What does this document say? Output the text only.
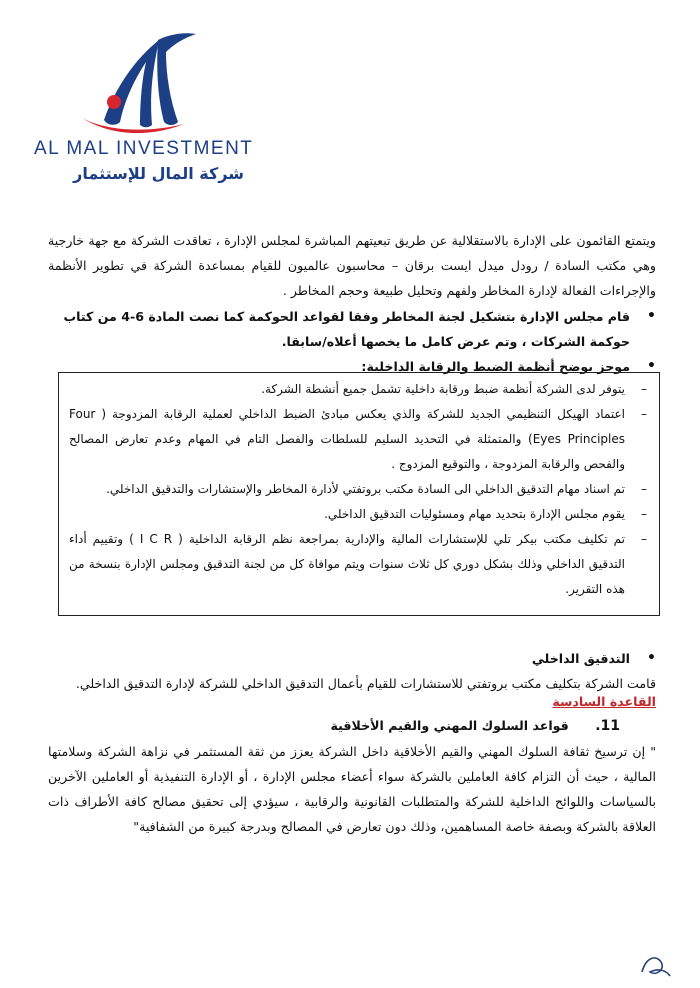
AL MAL INVESTMENT
شركة المال للإستثمار
ويتمتع القائمون على الإدارة بالاستقلالية عن طريق تبعيتهم المباشرة لمجلس الإدارة ، تعاقدت الشركة مع جهة خارجية وهي مكتب السادة / رودل ميدل ايست برقان – محاسبون عالميون للقيام بمساعدة الشركة في تطوير الأنظمة والإجراءات الفعالة لإدارة المخاطر ولفهم وتحليل طبيعة وحجم المخاطر .
•
قام مجلس الإدارة بتشكيل لجنة المخاطر وفقا لقواعد الحوكمة كما نصت المادة 6-4 من كتاب حوكمة الشركات ، وتم عرض كامل ما يخصها أعلاه/سابقا.
•
موجز يوضح أنظمة الضبط والرقابة الداخلية:
–
يتوفر لدى الشركة أنظمة ضبط ورقابة داخلية تشمل جميع أنشطة الشركة.
–
اعتماد الهيكل التنظيمي الجديد للشركة والذي يعكس مبادئ الضبط الداخلي لعملية الرقابة المزدوجة ( Four Eyes Principles) والمتمثلة في التحديد السليم للسلطات والفصل التام في المهام وعدم تعارض المصالح والفحص والرقابة المزدوجة ، والتوقيع المزدوج .
–
تم اسناد مهام التدقيق الداخلي الى السادة مكتب بروتفتي لأدارة المخاطر والإستشارات والتدقيق الداخلي.
–
يقوم مجلس الإدارة بتحديد مهام ومسئوليات التدقيق الداخلي.
–
تم تكليف مكتب بيكر تلي للإستشارات المالية والإدارية بمراجعة نظم الرقابة الداخلية ( I C R ) وتقييم أداء التدقيق الداخلي وذلك بشكل دوري كل ثلاث سنوات ويتم موافاة كل من لجنة التدقيق ومجلس الإدارة بنسخة من هذه التقرير.
•
التدقيق الداخلي
قامت الشركة بتكليف مكتب بروتفتي للاستشارات للقيام بأعمال التدقيق الداخلي للشركة لإدارة التدقيق الداخلي.
القاعدة السادسة
11. قواعد السلوك المهني والقيم الأخلاقية
" إن ترسيخ ثقافة السلوك المهني والقيم الأخلاقية داخل الشركة يعزز من ثقة المستثمر في نزاهة الشركة وسلامتها المالية ، حيث أن التزام كافة العاملين بالشركة سواء أعضاء مجلس الإدارة ، أو الإدارة التنفيذية أو العاملين الآخرين بالسياسات واللوائح الداخلية للشركة والمتطلبات القانونية والرقابية ، سيؤدي إلى تحقيق مصالح كافة الأطراف ذات العلاقة بالشركة وبصفة خاصة المساهمين، وذلك دون تعارض في المصالح وبدرجة كبيرة من الشفافية"
